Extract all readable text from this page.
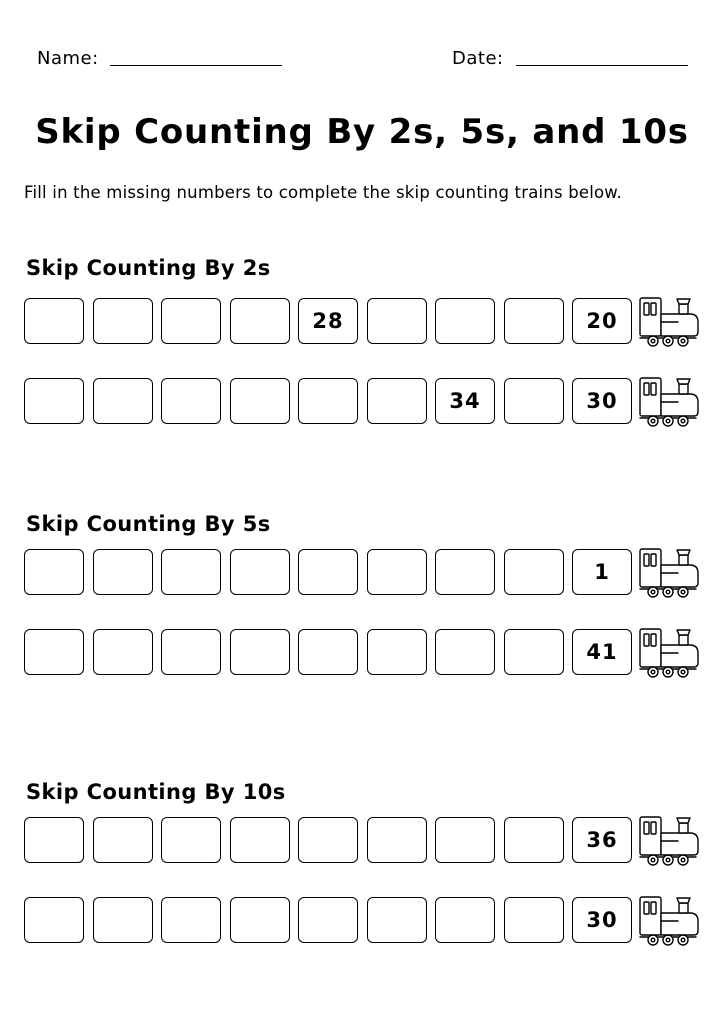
Name:	Date:
Skip Counting By 2s, 5s, and 10s

Fill in the missing numbers to complete the skip counting trains below.

Skip Counting By 2s
28	20
34	30
Skip Counting By 5s
1
41
Skip Counting By 10s
36
30
